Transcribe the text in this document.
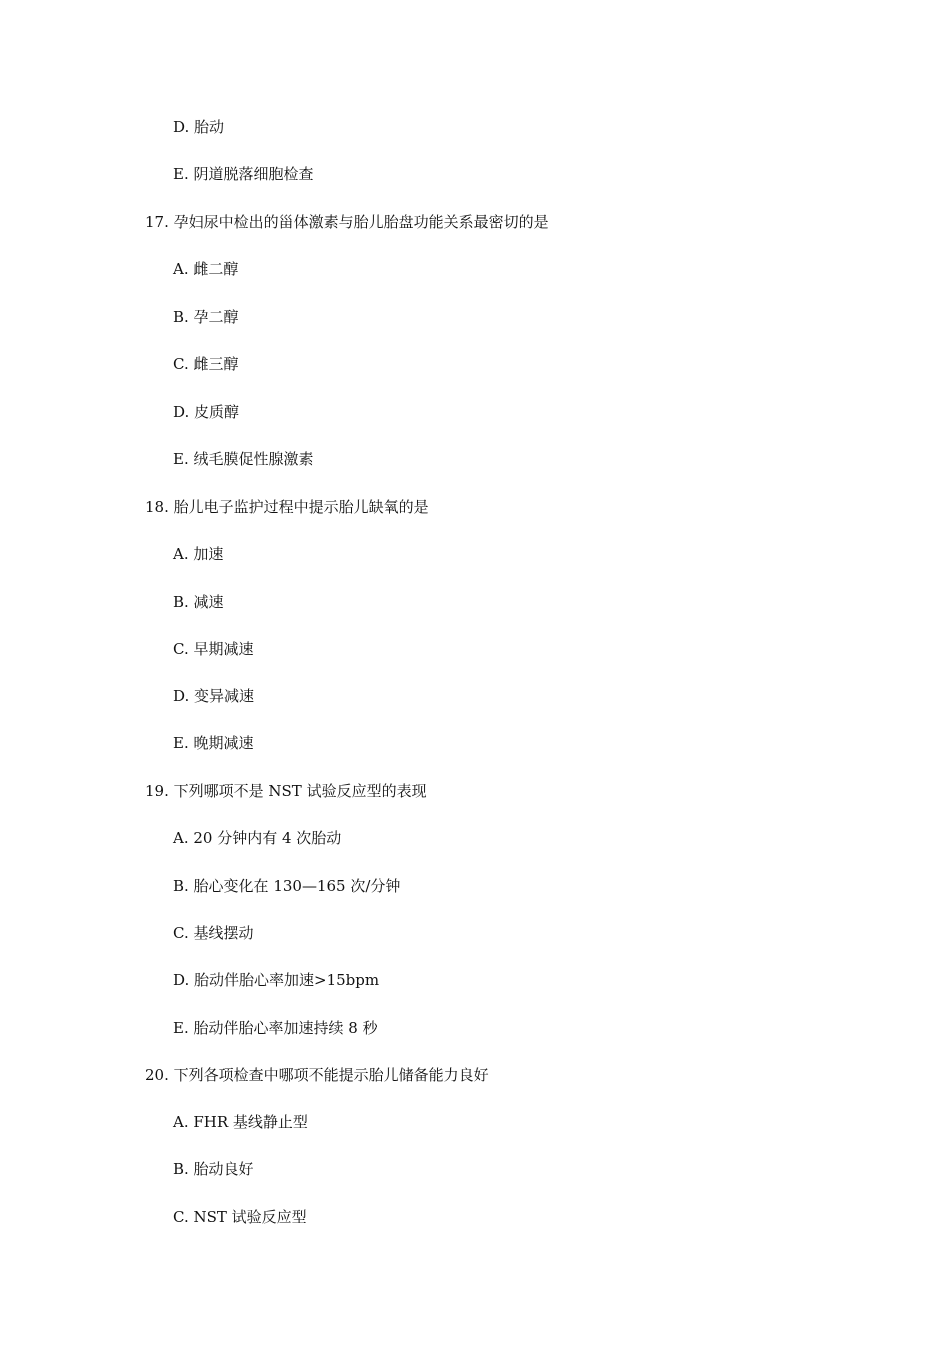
D. 胎动
E. 阴道脱落细胞检查
17. 孕妇尿中检出的甾体激素与胎儿胎盘功能关系最密切的是
A. 雌二醇
B. 孕二醇
C. 雌三醇
D. 皮质醇
E. 绒毛膜促性腺激素
18. 胎儿电子监护过程中提示胎儿缺氧的是
A. 加速
B. 减速
C. 早期减速
D. 变异减速
E. 晚期减速
19. 下列哪项不是 NST 试验反应型的表现
A. 20 分钟内有 4 次胎动
B. 胎心变化在 130—165 次/分钟
C. 基线摆动
D. 胎动伴胎心率加速>15bpm
E. 胎动伴胎心率加速持续 8 秒
20. 下列各项检查中哪项不能提示胎儿储备能力良好
A. FHR 基线静止型
B. 胎动良好
C. NST 试验反应型
